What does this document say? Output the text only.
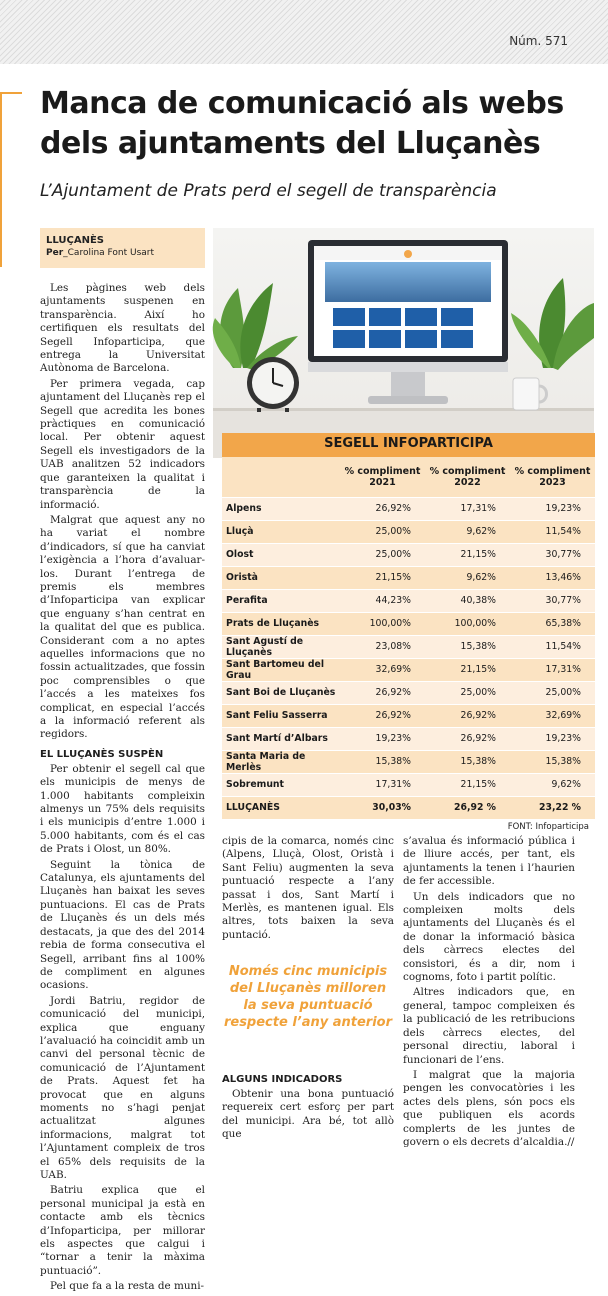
Núm. 571
Manca de comunicació als webs dels ajuntaments del Lluçanès
L’Ajuntament de Prats perd el segell de transparència
LLUÇANÈS
Per_Carolina Font Usart

Les pàgines web dels ajuntaments suspenen en transparència. Així ho certifiquen els resultats del Segell Infoparticipa, que entrega la Universitat Autònoma de Barcelona.

Per primera vegada, cap ajuntament del Lluçanès rep el Segell que acredita les bones pràctiques en comunicació local. Per obtenir aquest Segell els investigadors de la UAB analitzen 52 indicadors que garanteixen la qualitat i transparència de la informació.

Malgrat que aquest any no ha variat el nombre d’indicadors, sí que ha canviat l’exigència a l’hora d’avaluar-los. Durant l’entrega de premis els membres d’Infoparticipa van explicar que enguany s’han centrat en la qualitat del que es publica. Considerant com a no aptes aquelles informacions que no fossin actualitzades, que fossin poc comprensibles o que l’accés a les mateixes fos complicat, en especial l’accés a la informació referent als regidors.

EL LLUÇANÈS SUSPÈN

Per obtenir el segell cal que els municipis de menys de 1.000 habitants compleixin almenys un 75% dels requisits i els municipis d’entre 1.000 i 5.000 habitants, com és el cas de Prats i Olost, un 80%.

Seguint la tònica de Catalunya, els ajuntaments del Lluçanès han baixat les seves puntuacions. El cas de Prats de Lluçanès és un dels més destacats, ja que des del 2014 rebia de forma consecutiva el Segell, arribant fins al 100% de compliment en algunes ocasions.

Jordi Batriu, regidor de comunicació del municipi, explica que enguany l’avaluació ha coincidit amb un canvi del personal tècnic de comunicació de l’Ajuntament de Prats. Aquest fet ha provocat que en alguns moments no s’hagi penjat actualitzat algunes informacions, malgrat tot l’Ajuntament compleix de tros el 65% dels requisits de la UAB.

Batriu explica que el personal municipal ja està en contacte amb els tècnics d’Infoparticipa, per millorar els aspectes que calgui i “tornar a tenir la màxima puntuació”.

Pel que fa a la resta de muni-

SEGELL INFOPARTICIPA
	% compliment 2021	% compliment 2022	% compliment 2023
Alpens	26,92%	17,31%	19,23%
Lluçà	25,00%	9,62%	11,54%
Olost	25,00%	21,15%	30,77%
Oristà	21,15%	9,62%	13,46%
Perafita	44,23%	40,38%	30,77%
Prats de Lluçanès	100,00%	100,00%	65,38%
Sant Agustí de Lluçanès	23,08%	15,38%	11,54%
Sant Bartomeu del Grau	32,69%	21,15%	17,31%
Sant Boi de Lluçanès	26,92%	25,00%	25,00%
Sant Feliu Sasserra	26,92%	26,92%	32,69%
Sant Martí d’Albars	19,23%	26,92%	19,23%
Santa Maria de Merlès	15,38%	15,38%	15,38%
Sobremunt	17,31%	21,15%	9,62%
LLUÇANÈS	30,03%	26,92 %	23,22 %
FONT: Infoparticipa

cipis de la comarca, només cinc (Alpens, Lluçà, Olost, Oristà i Sant Feliu) augmenten la seva puntuació respecte a l’any passat i dos, Sant Martí i Merlès, es mantenen igual. Els altres, tots baixen la seva puntació.

Només cinc municipis del Lluçanès milloren la seva puntuació respecte l’any anterior

ALGUNS INDICADORS

Obtenir una bona puntuació requereix cert esforç per part del municipi. Ara bé, tot allò que

s’avalua és informació pública i de lliure accés, per tant, els ajuntaments la tenen i l’haurien de fer accessible.

Un dels indicadors que no compleixen molts dels ajuntaments del Lluçanès és el de donar la informació bàsica dels càrrecs electes del consistori, és a dir, nom i cognoms, foto i partit polític.

Altres indicadors que, en general, tampoc compleixen és la publicació de les retribucions dels càrrecs electes, del personal directiu, laboral i funcionari de l’ens.

I malgrat que la majoria pengen les convocatòries i les actes dels plens, són pocs els que publiquen els acords complerts de les juntes de govern o els decrets d’alcaldia.//
